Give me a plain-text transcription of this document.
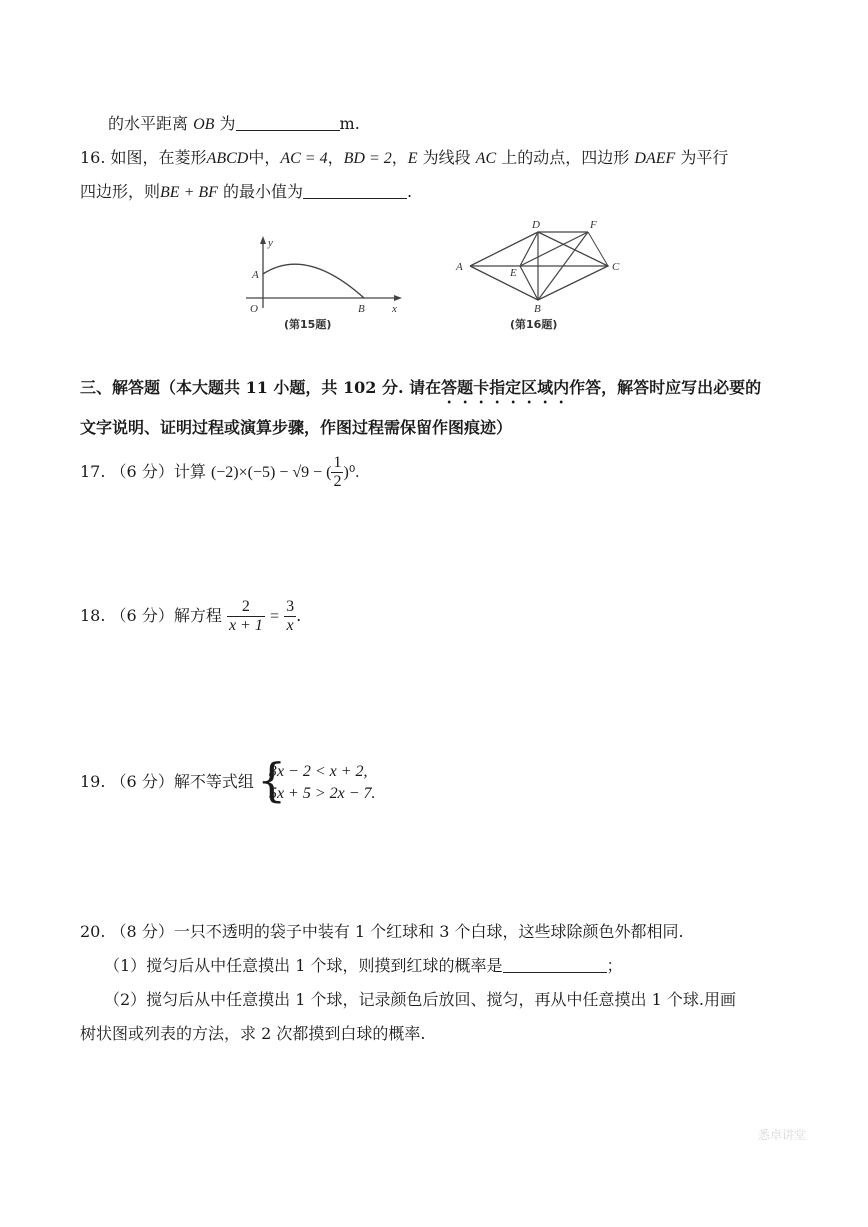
的水平距离 OB 为	m.
16. 如图，在菱形ABCD中，AC = 4，BD = 2，E 为线段 AC 上的动点，四边形 DAEF 为平行
四边形，则BE + BF 的最小值为	.
y
A
O	B x
(第15题)
D	F
A	E	C
B
(第16题)
三、解答题（本大题共 11 小题，共 102 分. 请在答题卡指定区域内作答，解答时应写出必要的
文字说明、证明过程或演算步骤，作图过程需保留作图痕迹）
17. （6 分）计算 (−2)×(−5) − √9 − ( $\frac{1}{2} )^0$.
18. （6 分）解方程 $\frac{2}{x + 1} = \frac{3}{x}$ .
19. （6 分）解不等式组 {
3x − 2 < x + 2,
5x + 5 > 2x − 7.
20. （8 分）一只不透明的袋子中装有 1 个红球和 3 个白球，这些球除颜色外都相同.
（1）搅匀后从中任意摸出 1 个球，则摸到红球的概率是	；
（2）搅匀后从中任意摸出 1 个球，记录颜色后放回、搅匀，再从中任意摸出 1 个球.用画
树状图或列表的方法，求 2 次都摸到白球的概率.
悉卓讲堂
